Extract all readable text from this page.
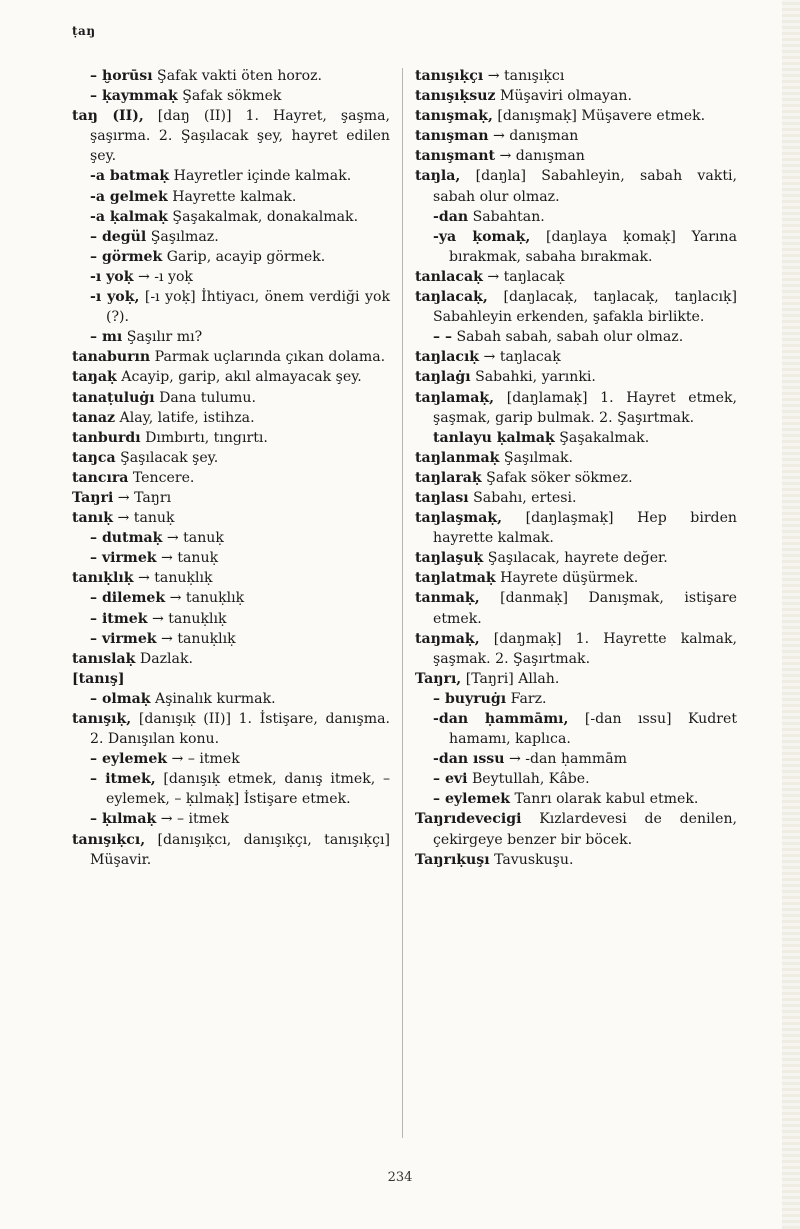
ṭaŋ

– ḫorūsı Şafak vakti öten horoz.

– ḳaymmaḳ Şafak sökmek

taŋ (II), [daŋ (II)] 1. Hayret, şaşma, şaşırma. 2. Şaşılacak şey, hayret edilen şey.

-a batmaḳ Hayretler içinde kalmak.

-a gelmek Hayrette kalmak.

-a ḳalmaḳ Şaşakalmak, donakalmak.

– degül Şaşılmaz.

– görmek Garip, acayip görmek.

-ı yoḳ → -ı yoḳ

-ı yoḳ, [-ı yoḳ] İhtiyacı, önem verdiği yok (?).

– mı Şaşılır mı?

tanaburın Parmak uçlarında çıkan dolama.

taŋaḳ Acayip, garip, akıl almayacak şey.

tanaṭuluġı Dana tulumu.

tanaz Alay, latife, istihza.

tanburdı Dımbırtı, tıngırtı.

taŋca Şaşılacak şey.

tancıra Tencere.

Taŋri → Taŋrı

tanıḳ → tanuḳ

– dutmaḳ → tanuḳ

– virmek → tanuḳ

tanıḳlıḳ → tanuḳlıḳ

– dilemek → tanuḳlıḳ

– itmek → tanuḳlıḳ

– virmek → tanuḳlıḳ

tanıslaḳ Dazlak.

[tanış]

– olmaḳ Aşinalık kurmak.

tanışıḳ, [danışıḳ (II)] 1. İstişare, danışma. 2. Danışılan konu.

– eylemek → – itmek

– itmek, [danışıḳ etmek, danış itmek, – eylemek, – ḳılmaḳ] İstişare etmek.

– ḳılmaḳ → – itmek

tanışıḳcı, [danışıḳcı, danışıḳçı, tanışıḳçı] Müşavir.

tanışıḳçı → tanışıḳcı

tanışıḳsuz Müşaviri olmayan.

tanışmaḳ, [danışmaḳ] Müşavere etmek.

tanışman → danışman

tanışmant → danışman

taŋla, [daŋla] Sabahleyin, sabah vakti, sabah olur olmaz.

-dan Sabahtan.

-ya ḳomaḳ, [daŋlaya ḳomaḳ] Yarına bırakmak, sabaha bırakmak.

tanlacaḳ → taŋlacaḳ

taŋlacaḳ, [daŋlacaḳ, taŋlacaḳ, taŋlacıḳ] Sabahleyin erkenden, şafakla birlikte.

– – Sabah sabah, sabah olur olmaz.

taŋlacıḳ → taŋlacaḳ

taŋlaġı Sabahki, yarınki.

taŋlamaḳ, [daŋlamaḳ] 1. Hayret etmek, şaşmak, garip bulmak. 2. Şaşırtmak.

tanlayu ḳalmaḳ Şaşakalmak.

taŋlanmaḳ Şaşılmak.

taŋlaraḳ Şafak söker sökmez.

taŋlası Sabahı, ertesi.

taŋlaşmaḳ, [daŋlaşmaḳ] Hep birden hayrette kalmak.

taŋlaşuḳ Şaşılacak, hayrete değer.

taŋlatmaḳ Hayrete düşürmek.

tanmaḳ, [danmaḳ] Danışmak, istişare etmek.

taŋmaḳ, [daŋmaḳ] 1. Hayrette kalmak, şaşmak. 2. Şaşırtmak.

Taŋrı, [Taŋri] Allah.

– buyruġı Farz.

-dan ḥammāmı, [-dan ıssu] Kudret hamamı, kaplıca.

-dan ıssu → -dan ḥammām

– evi Beytullah, Kâbe.

– eylemek Tanrı olarak kabul etmek.

Taŋrıdevecigi Kızlardevesi de denilen, çekirgeye benzer bir böcek.

Taŋrıḳuşı Tavuskuşu.

234
